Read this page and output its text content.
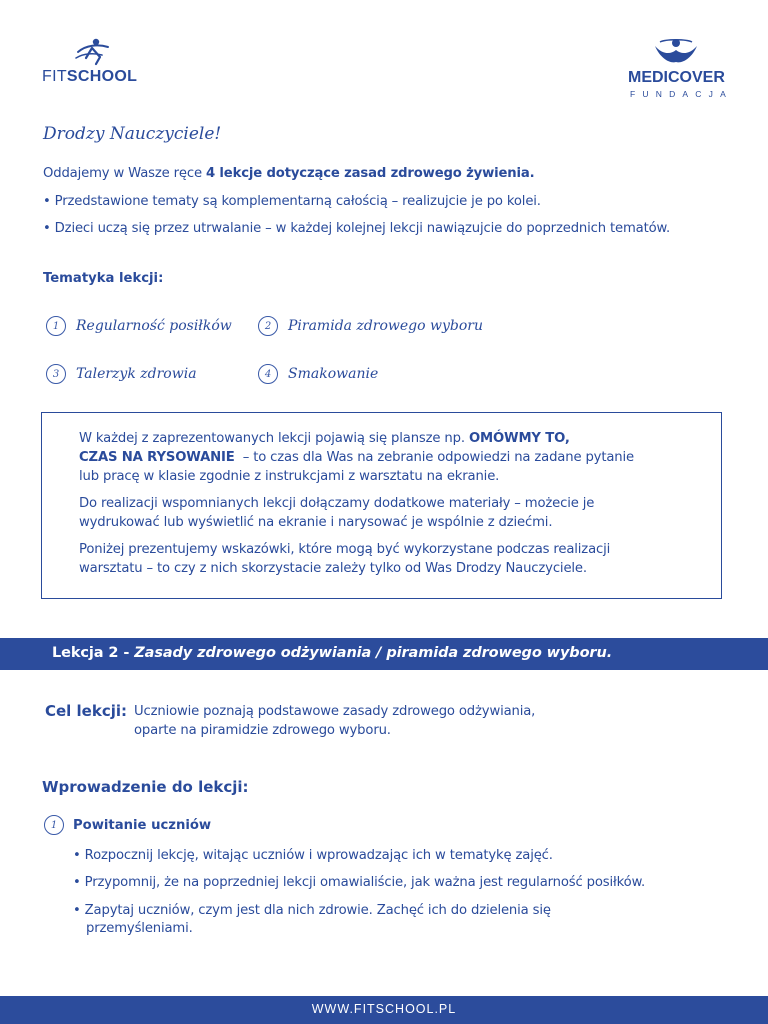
FITSCHOOL	MEDICOVER
FUNDACJA
Drodzy Nauczyciele!
Oddajemy w Wasze ręce 4 lekcje dotyczące zasad zdrowego żywienia.
• Przedstawione tematy są komplementarną całością – realizujcie je po kolei.
• Dzieci uczą się przez utrwalanie – w każdej kolejnej lekcji nawiązujcie do poprzednich tematów.
Tematyka lekcji:
1	Regularność posiłków	2	Piramida zdrowego wyboru
3	Talerzyk zdrowia	4	Smakowanie
W każdej z zaprezentowanych lekcji pojawią się plansze np. OMÓWMY TO,
CZAS NA RYSOWANIE  – to czas dla Was na zebranie odpowiedzi na zadane pytanie
lub pracę w klasie zgodnie z instrukcjami z warsztatu na ekranie.
Do realizacji wspomnianych lekcji dołączamy dodatkowe materiały – możecie je
wydrukować lub wyświetlić na ekranie i narysować je wspólnie z dziećmi.
Poniżej prezentujemy wskazówki, które mogą być wykorzystane podczas realizacji
warsztatu – to czy z nich skorzystacie zależy tylko od Was Drodzy Nauczyciele.
Lekcja 2 - Zasady zdrowego odżywiania / piramida zdrowego wyboru.
Cel lekcji: Uczniowie poznają podstawowe zasady zdrowego odżywiania,
oparte na piramidzie zdrowego wyboru.
Wprowadzenie do lekcji:
1	Powitanie uczniów
• Rozpocznij lekcję, witając uczniów i wprowadzając ich w tematykę zajęć.
• Przypomnij, że na poprzedniej lekcji omawialiście, jak ważna jest regularność posiłków.
• Zapytaj uczniów, czym jest dla nich zdrowie. Zachęć ich do dzielenia się
przemyśleniami.
WWW.FITSCHOOL.PL
